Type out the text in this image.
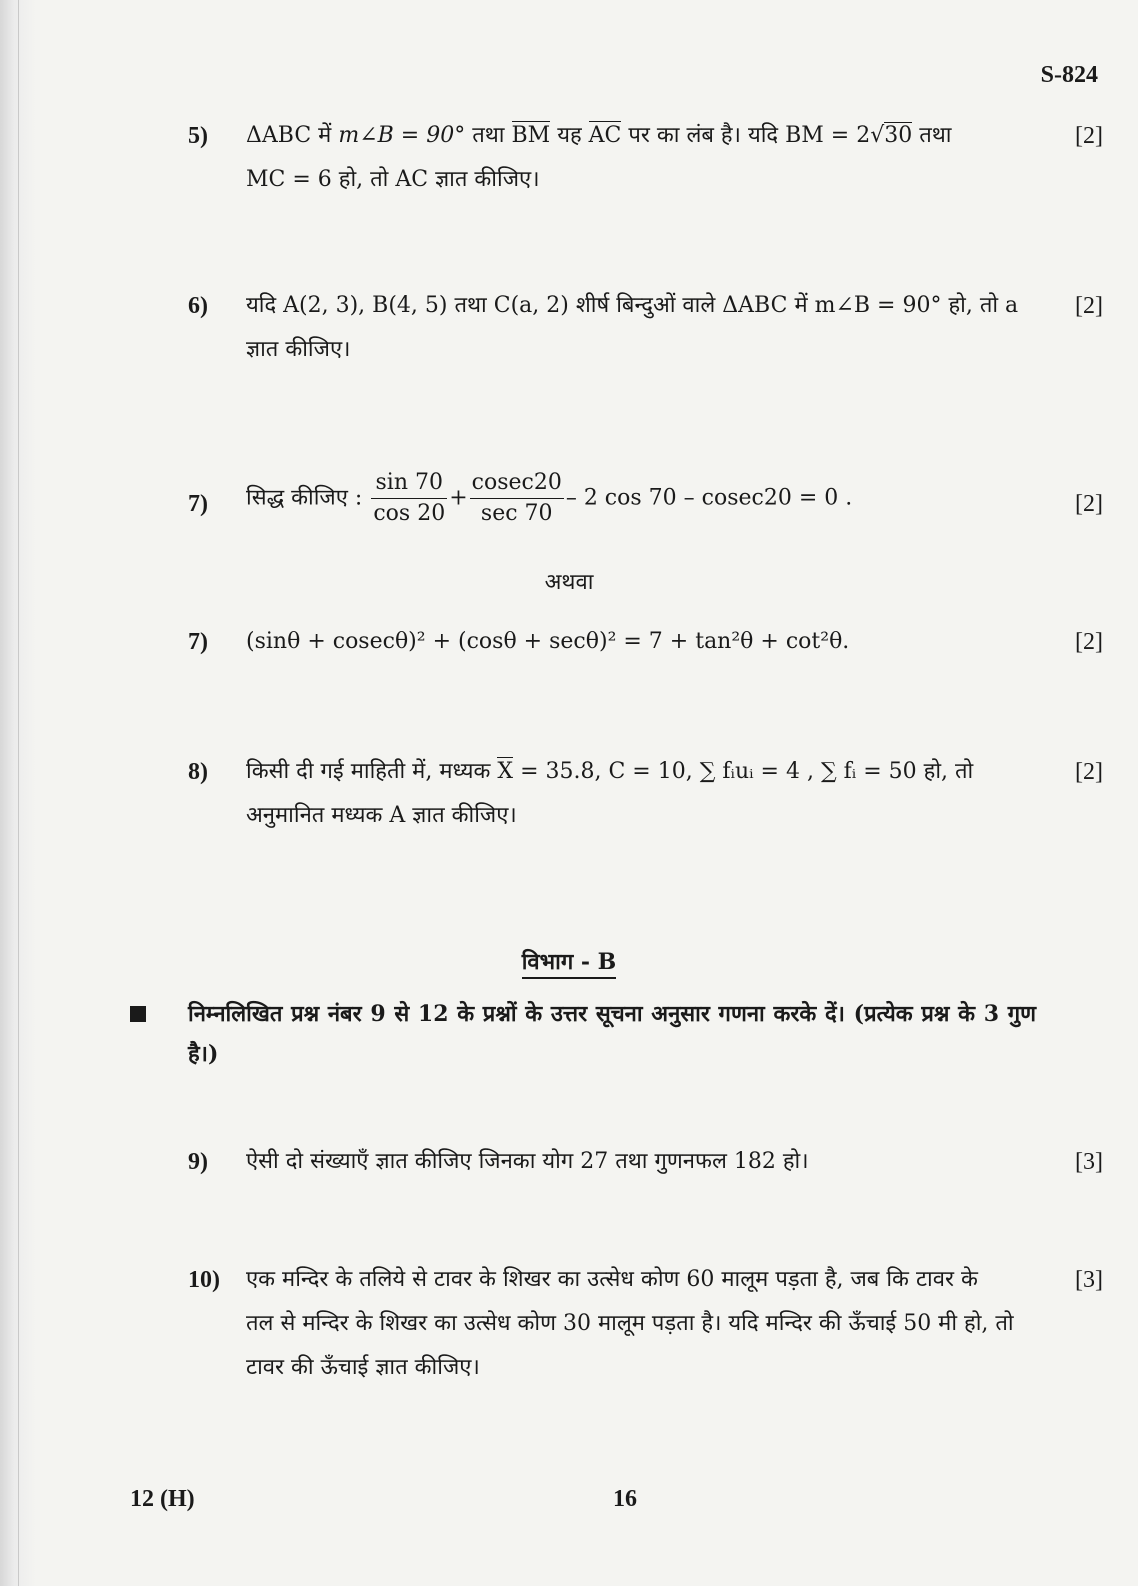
S-824
5) ΔABC में m∠B = 90° तथा BM यह AC पर का लंब है। यदि BM = 2√30 तथा
MC = 6 हो, तो AC ज्ञात कीजिए।
[2]
6) यदि A(2, 3), B(4, 5) तथा C(a, 2) शीर्ष बिन्दुओं वाले ΔABC में m∠B = 90° हो, तो a
ज्ञात कीजिए।
[2]
7) सिद्ध कीजिए : $\frac{\sin 70}{\cos 20} + \frac{cosec20}{\sec 70} - 2$ cos 70 – cosec20 = 0 .	[2]
अथवा
7) (sinθ + cosecθ)² + (cosθ + secθ)² = 7 + tan²θ + cot²θ.	[2]
8) किसी दी गई माहिती में, मध्यक X = 35.8, C = 10, ∑ fᵢuᵢ = 4 , ∑ fᵢ = 50 हो, तो
अनुमानित मध्यक A ज्ञात कीजिए।
[2]
विभाग - B
निम्नलिखित प्रश्न नंबर 9 से 12 के प्रश्नों के उत्तर सूचना अनुसार गणना करके दें। (प्रत्येक प्रश्न के 3 गुण है।)
9) ऐसी दो संख्याएँ ज्ञात कीजिए जिनका योग 27 तथा गुणनफल 182 हो।	[3]
10) एक मन्दिर के तलिये से टावर के शिखर का उत्सेध कोण 60 मालूम पड़ता है, जब कि टावर के
तल से मन्दिर के शिखर का उत्सेध कोण 30 मालूम पड़ता है। यदि मन्दिर की ऊँचाई 50 मी हो, तो
टावर की ऊँचाई ज्ञात कीजिए।
[3]
12 (H)	16
